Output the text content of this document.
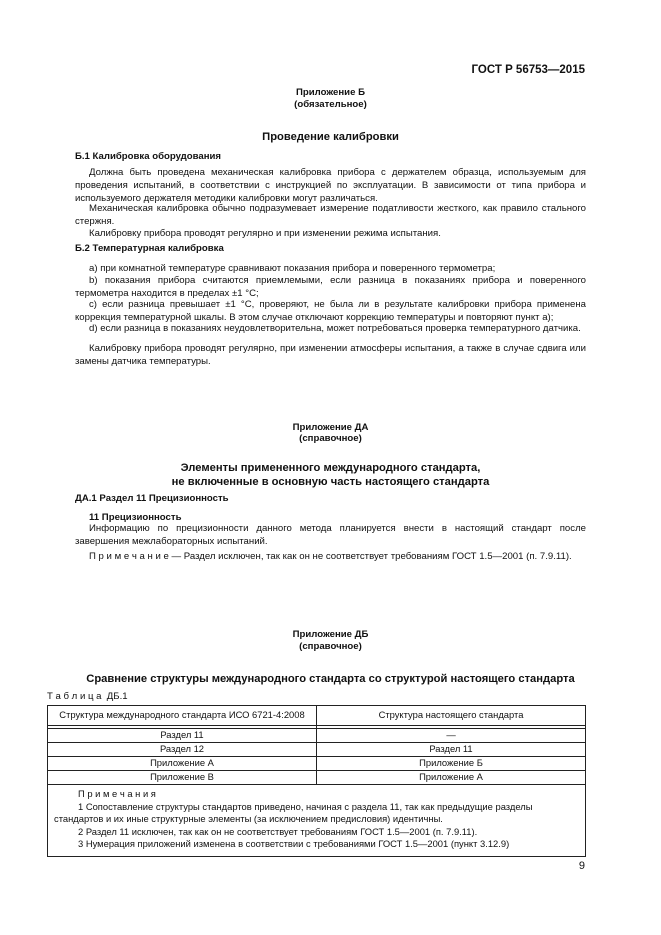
ГОСТ Р 56753—2015
Приложение Б
(обязательное)
Проведение калибровки
Б.1 Калибровка оборудования
Должна быть проведена механическая калибровка прибора с держателем образца, используемым для проведения испытаний, в соответствии с инструкцией по эксплуатации. В зависимости от типа прибора и используемого держателя методики калибровки могут различаться.
Механическая калибровка обычно подразумевает измерение податливости жесткого, как правило стального стержня.
Калибровку прибора проводят регулярно и при изменении режима испытания.
Б.2 Температурная калибровка
а) при комнатной температуре сравнивают показания прибора и поверенного термометра;
b) показания прибора считаются приемлемыми, если разница в показаниях прибора и поверенного термометра находится в пределах ±1 °С;
с) если разница превышает ±1 °С, проверяют, не была ли в результате калибровки прибора применена коррекция температурной шкалы. В этом случае отключают коррекцию температуры и повторяют пункт а);
d) если разница в показаниях неудовлетворительна, может потребоваться проверка температурного датчика.
Калибровку прибора проводят регулярно, при изменении атмосферы испытания, а также в случае сдвига или замены датчика температуры.
Приложение ДА
(справочное)
Элементы примененного международного стандарта,
не включенные в основную часть настоящего стандарта
ДА.1 Раздел 11 Прецизионность
11 Прецизионность
Информацию по прецизионности данного метода планируется внести в настоящий стандарт после завершения межлабораторных испытаний.
П р и м е ч а н и е — Раздел исключен, так как он не соответствует требованиям ГОСТ 1.5—2001 (п. 7.9.11).
Приложение ДБ
(справочное)
Сравнение структуры международного стандарта со структурой настоящего стандарта
Т а б л и ц а  ДБ.1
Структура международного стандарта ИСО 6721-4:2008	Структура настоящего стандарта

Раздел 11	—
Раздел 12	Раздел 11
Приложение А	Приложение Б
Приложение В	Приложение А

П р и м е ч а н и я
1 Сопоставление структуры стандартов приведено, начиная с раздела 11, так как предыдущие разделы стандартов и их иные структурные элементы (за исключением предисловия) идентичны.
2 Раздел 11 исключен, так как он не соответствует требованиям ГОСТ 1.5—2001 (п. 7.9.11).
3 Нумерация приложений изменена в соответствии с требованиями ГОСТ 1.5—2001 (пункт 3.12.9)	
9
